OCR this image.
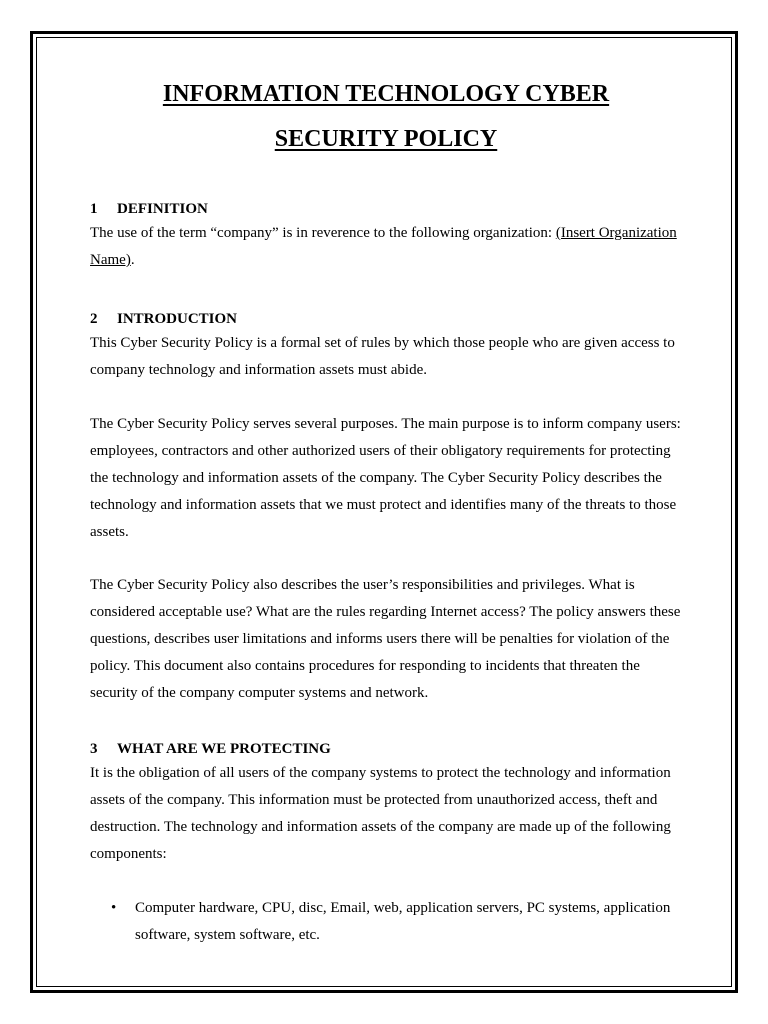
INFORMATION TECHNOLOGY CYBER
SECURITY POLICY
1 DEFINITION

The use of the term “company” is in reverence to the following organization: (Insert Organization Name).

2 INTRODUCTION

This Cyber Security Policy is a formal set of rules by which those people who are given access to company technology and information assets must abide.

The Cyber Security Policy serves several purposes. The main purpose is to inform company users: employees, contractors and other authorized users of their obligatory requirements for protecting the technology and information assets of the company. The Cyber Security Policy describes the technology and information assets that we must protect and identifies many of the threats to those assets.

The Cyber Security Policy also describes the user’s responsibilities and privileges. What is considered acceptable use? What are the rules regarding Internet access? The policy answers these questions, describes user limitations and informs users there will be penalties for violation of the policy. This document also contains procedures for responding to incidents that threaten the security of the company computer systems and network.

3 WHAT ARE WE PROTECTING

It is the obligation of all users of the company systems to protect the technology and information assets of the company. This information must be protected from unauthorized access, theft and destruction. The technology and information assets of the company are made up of the following components:

• Computer hardware, CPU, disc, Email, web, application servers, PC systems, application software, system software, etc.
